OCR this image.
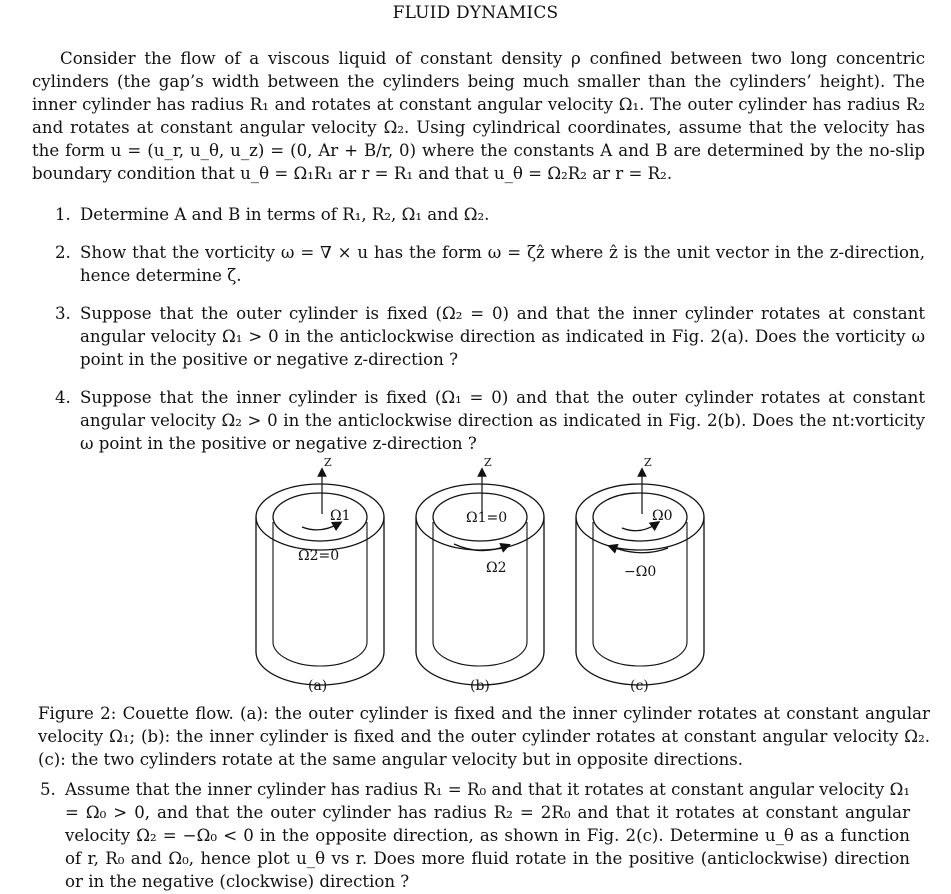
FLUID DYNAMICS

Consider the flow of a viscous liquid of constant density ρ confined between two long concentric cylinders (the gap’s width between the cylinders being much smaller than the cylinders’ height). The inner cylinder has radius R₁ and rotates at constant angular velocity Ω₁. The outer cylinder has radius R₂ and rotates at constant angular velocity Ω₂. Using cylindrical coordinates, assume that the velocity has the form u = (u_r, u_θ, u_z) = (0, Ar + B/r, 0) where the constants A and B are determined by the no-slip boundary condition that u_θ = Ω₁R₁ ar r = R₁ and that u_θ = Ω₂R₂ ar r = R₂.

1. Determine A and B in terms of R₁, R₂, Ω₁ and Ω₂.
2. Show that the vorticity ω = ∇ × u has the form ω = ζẑ where ẑ is the unit vector in the z-direction, hence determine ζ.
3. Suppose that the outer cylinder is fixed (Ω₂ = 0) and that the inner cylinder rotates at constant angular velocity Ω₁ > 0 in the anticlockwise direction as indicated in Fig. 2(a). Does the vorticity ω point in the positive or negative z-direction ?
4. Suppose that the inner cylinder is fixed (Ω₁ = 0) and that the outer cylinder rotates at constant angular velocity Ω₂ > 0 in the anticlockwise direction as indicated in Fig. 2(b). Does the nt:vorticity ω point in the positive or negative z-direction ?
Z
Ω1
Ω2=0
(a)
Z
Ω1=0
Ω2
(b)
Z
Ω0
−Ω0
(c)

Figure 2: Couette flow. (a): the outer cylinder is fixed and the inner cylinder rotates at constant angular velocity Ω₁; (b): the inner cylinder is fixed and the outer cylinder rotates at constant angular velocity Ω₂. (c): the two cylinders rotate at the same angular velocity but in opposite directions.

5. Assume that the inner cylinder has radius R₁ = R₀ and that it rotates at constant angular velocity Ω₁ = Ω₀ > 0, and that the outer cylinder has radius R₂ = 2R₀ and that it rotates at constant angular velocity Ω₂ = −Ω₀ < 0 in the opposite direction, as shown in Fig. 2(c). Determine u_θ as a function of r, R₀ and Ω₀, hence plot u_θ vs r. Does more fluid rotate in the positive (anticlockwise) direction or in the negative (clockwise) direction ?
